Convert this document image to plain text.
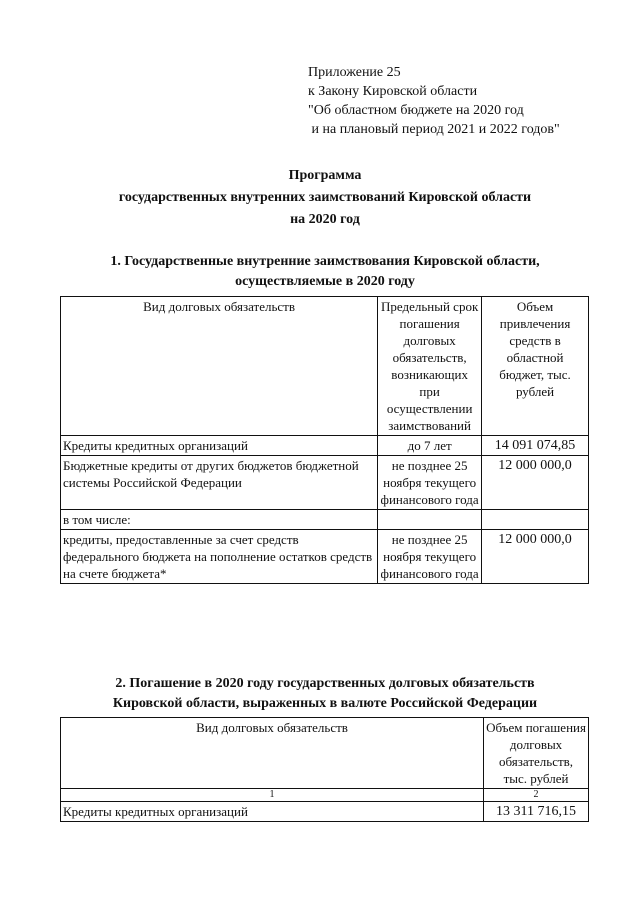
Приложение 25
к Закону Кировской области
"Об областном бюджете на 2020 год
и на плановый период 2021 и 2022 годов"
Программа
государственных внутренних заимствований Кировской области
на 2020 год
1. Государственные внутренние заимствования Кировской области,
осуществляемые в 2020 году
Вид долговых обязательств	Предельный срок погашения долговых обязательств, возникающих при осуществлении заимствований	Объем привлечения средств в областной бюджет, тыс. рублей
Кредиты кредитных организаций	до 7 лет	14 091 074,85
Бюджетные кредиты от других бюджетов бюджетной системы Российской Федерации	не позднее 25 ноября текущего финансового года	12 000 000,0
в том числе:		
кредиты, предоставленные за счет средств федерального бюджета на пополнение остатков средств на счете бюджета*	не позднее 25 ноября текущего финансового года	12 000 000,0
2. Погашение в 2020 году государственных долговых обязательств
Кировской области, выраженных в валюте Российской Федерации
Вид долговых обязательств	Объем погашения долговых обязательств, тыс. рублей
1	2
Кредиты кредитных организаций	13 311 716,15
